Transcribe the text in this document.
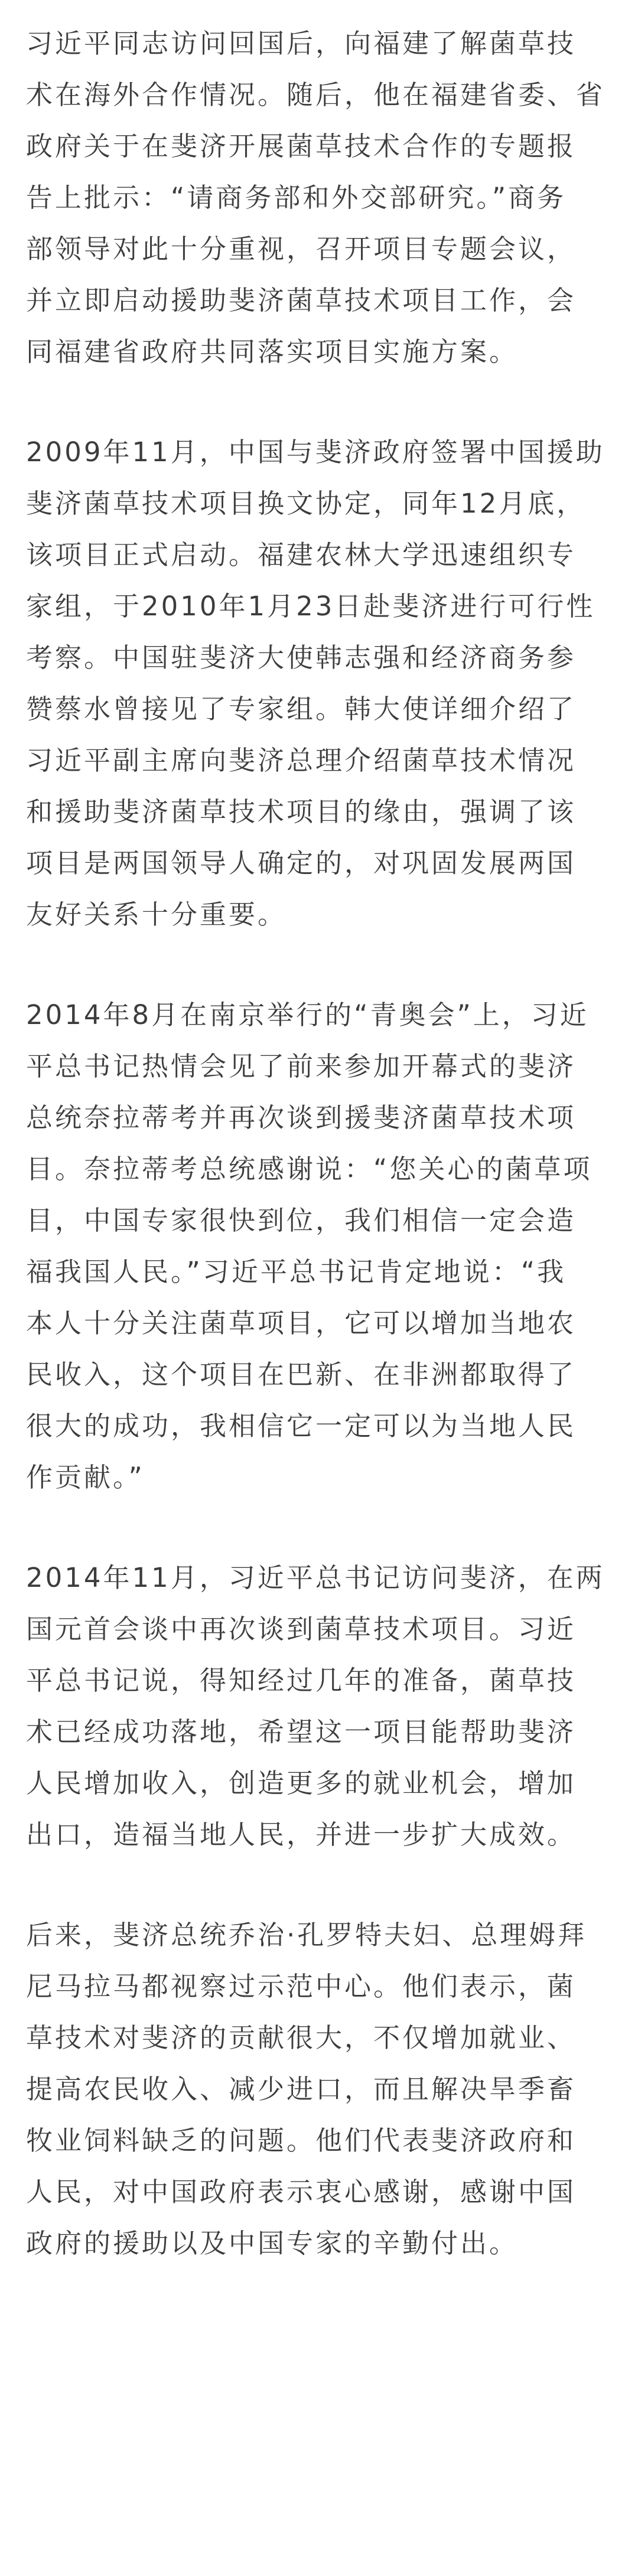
习近平同志访问回国后，向福建了解菌草技
术在海外合作情况。随后，他在福建省委、省
政府关于在斐济开展菌草技术合作的专题报
告上批示：“请商务部和外交部研究。”商务
部领导对此十分重视，召开项目专题会议，
并立即启动援助斐济菌草技术项目工作，会
同福建省政府共同落实项目实施方案。

2009年11月，中国与斐济政府签署中国援助
斐济菌草技术项目换文协定，同年12月底，
该项目正式启动。福建农林大学迅速组织专
家组，于2010年1月23日赴斐济进行可行性
考察。中国驻斐济大使韩志强和经济商务参
赞蔡水曾接见了专家组。韩大使详细介绍了
习近平副主席向斐济总理介绍菌草技术情况
和援助斐济菌草技术项目的缘由，强调了该
项目是两国领导人确定的，对巩固发展两国
友好关系十分重要。

2014年8月在南京举行的“青奥会”上，习近
平总书记热情会见了前来参加开幕式的斐济
总统奈拉蒂考并再次谈到援斐济菌草技术项
目。奈拉蒂考总统感谢说：“您关心的菌草项
目，中国专家很快到位，我们相信一定会造
福我国人民。”习近平总书记肯定地说：“我
本人十分关注菌草项目，它可以增加当地农
民收入，这个项目在巴新、在非洲都取得了
很大的成功，我相信它一定可以为当地人民
作贡献。”

2014年11月，习近平总书记访问斐济，在两
国元首会谈中再次谈到菌草技术项目。习近
平总书记说，得知经过几年的准备，菌草技
术已经成功落地，希望这一项目能帮助斐济
人民增加收入，创造更多的就业机会，增加
出口，造福当地人民，并进一步扩大成效。

后来，斐济总统乔治·孔罗特夫妇、总理姆拜
尼马拉马都视察过示范中心。他们表示，菌
草技术对斐济的贡献很大，不仅增加就业、
提高农民收入、减少进口，而且解决旱季畜
牧业饲料缺乏的问题。他们代表斐济政府和
人民，对中国政府表示衷心感谢，感谢中国
政府的援助以及中国专家的辛勤付出。
